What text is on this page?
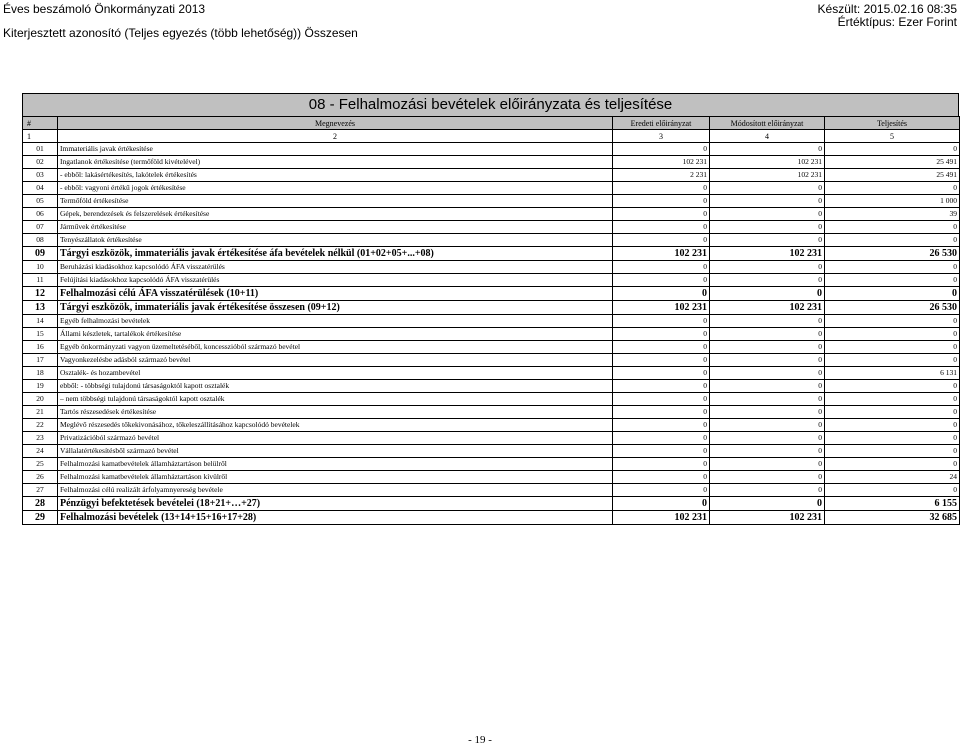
Éves beszámoló Önkormányzati 2013
Kiterjesztett azonosító (Teljes egyezés (több lehetőség)) Összesen
Készült: 2015.02.16 08:35
Értéktípus: Ezer Forint
08 - Felhalmozási bevételek előirányzata és teljesítése
#	Megnevezés	Eredeti előirányzat	Módosított előirányzat	Teljesítés
1	2	3	4	5
01	Immateriális javak értékesítése	0	0	0
02	Ingatlanok értékesítése (termőföld kivételével)	102 231	102 231	25 491
03	- ebből: lakásértékesítés, lakótelek értékesítés	2 231	102 231	25 491
04	- ebből: vagyoni értékű jogok értékesítése	0	0	0
05	Termőföld értékesítése	0	0	1 000
06	Gépek, berendezések és felszerelések értékesítése	0	0	39
07	Járművek értékesítése	0	0	0
08	Tenyészállatok értékesítése	0	0	0
09	Tárgyi eszközök, immateriális javak értékesítése áfa bevételek nélkül (01+02+05+...+08)	102 231	102 231	26 530
10	Beruházási kiadásokhoz kapcsolódó ÁFA visszatérülés	0	0	0
11	Felújítási kiadásokhoz kapcsolódó ÁFA visszatérülés	0	0	0
12	Felhalmozási célú ÁFA visszatérülések (10+11)	0	0	0
13	Tárgyi eszközök, immateriális javak értékesítése összesen (09+12)	102 231	102 231	26 530
14	Egyéb felhalmozási bevételek	0	0	0
15	Állami készletek, tartalékok értékesítése	0	0	0
16	Egyéb önkormányzati vagyon üzemeltetéséből, koncesszióból származó bevétel	0	0	0
17	Vagyonkezelésbe adásból származó bevétel	0	0	0
18	Osztalék- és hozambevétel	0	0	6 131
19	ebből: - többségi tulajdonú társaságoktól kapott osztalék	0	0	0
20	– nem többségi tulajdonú társaságoktól kapott osztalék	0	0	0
21	Tartós részesedések értékesítése	0	0	0
22	Meglévő részesedés tőkekivonásához, tőkeleszállításához kapcsolódó bevételek	0	0	0
23	Privatizációból származó bevétel	0	0	0
24	Vállalatértékesítésből származó bevétel	0	0	0
25	Felhalmozási kamatbevételek államháztartáson belülről	0	0	0
26	Felhalmozási kamatbevételek államháztartáson kívülről	0	0	24
27	Felhalmozási célú realizált árfolyamnyereség bevétele	0	0	0
28	Pénzügyi befektetések bevételei (18+21+…+27)	0	0	6 155
29	Felhalmozási bevételek (13+14+15+16+17+28)	102 231	102 231	32 685
- 19 -
